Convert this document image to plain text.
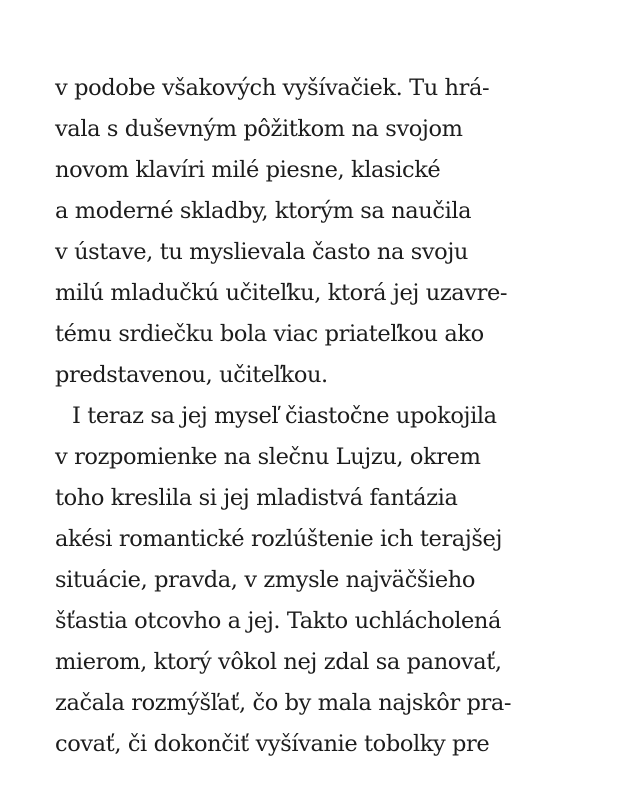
v podobe všakových vyšívačiek. Tu hrá-
vala s duševným pôžitkom na svojom
novom klavíri milé piesne, klasické
a moderné skladby, ktorým sa naučila
v ústave, tu myslievala často na svoju
milú mladučkú učiteľku, ktorá jej uzavre-
tému srdiečku bola viac priateľkou ako
predstavenou, učiteľkou.
I teraz sa jej myseľ čiastočne upokojila
v rozpomienke na slečnu Lujzu, okrem
toho kreslila si jej mladistvá fantázia
akési romantické rozlúštenie ich terajšej
situácie, pravda, v zmysle najväčšieho
šťastia otcovho a jej. Takto uchlácholená
mierom, ktorý vôkol nej zdal sa panovať,
začala rozmýšľať, čo by mala najskôr pra-
covať, či dokončiť vyšívanie tobolky pre
